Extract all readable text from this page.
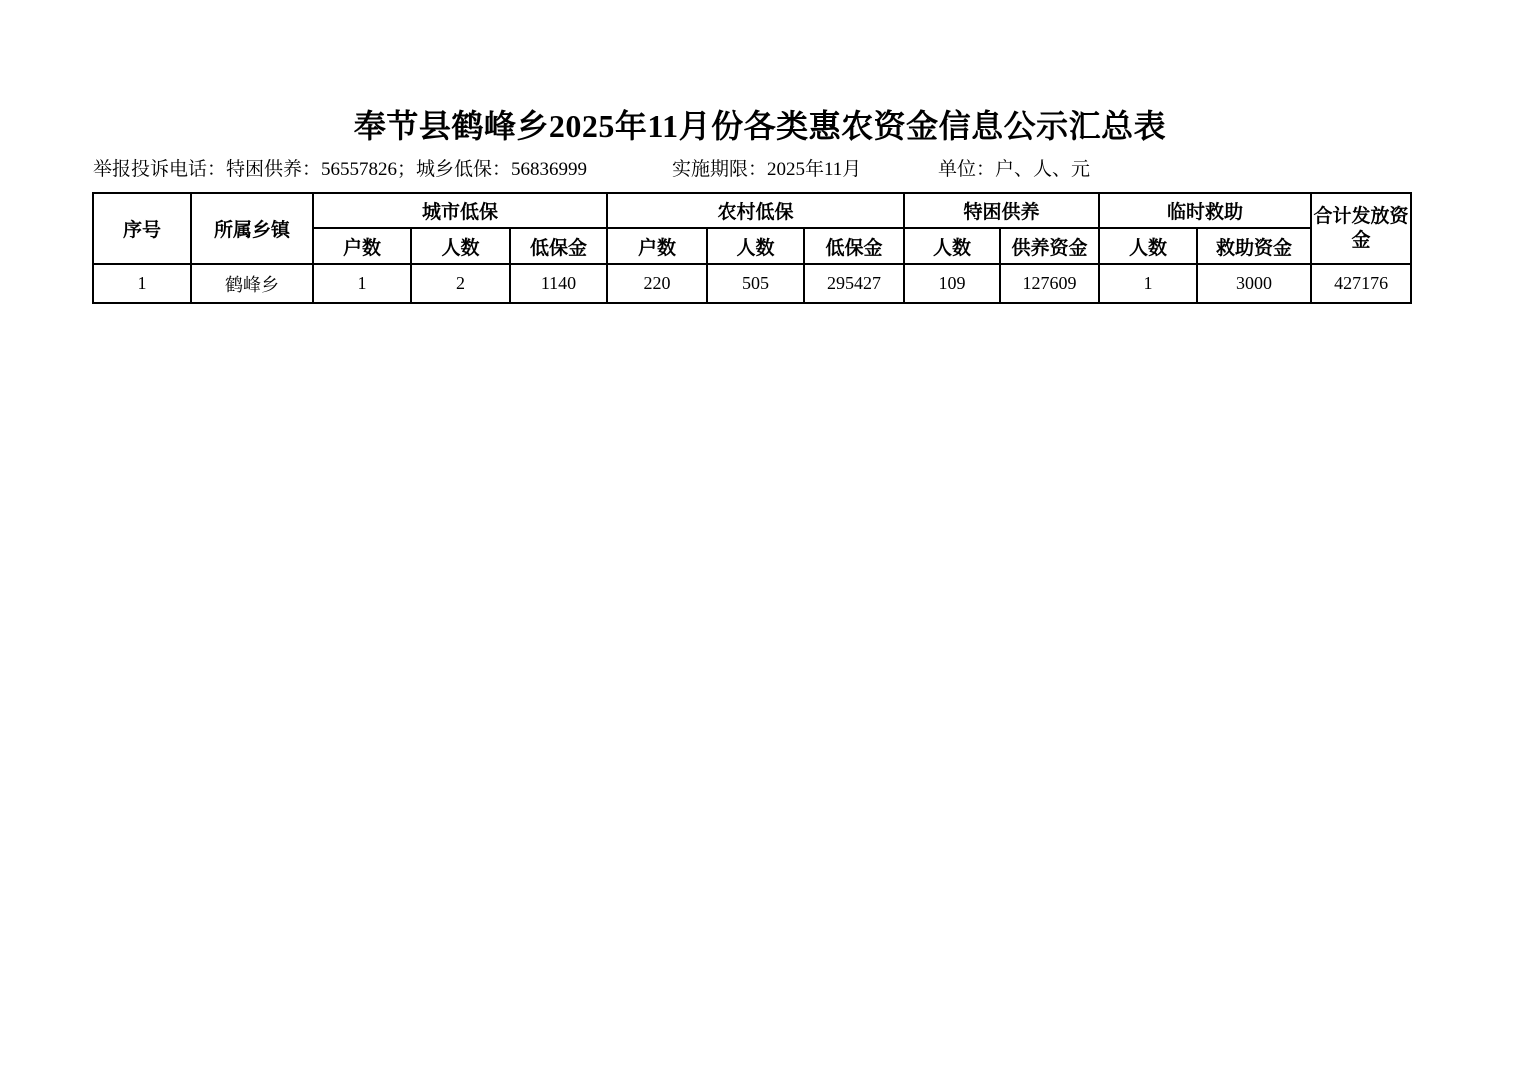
奉节县鹤峰乡2025年11月份各类惠农资金信息公示汇总表
举报投诉电话：特困供养：56557826；城乡低保：56836999	实施期限：2025年11月	单位：户、人、元
序号	所属乡镇	城市低保			农村低保			特困供养		临时救助		合计发放资金
		户数	人数	低保金	户数	人数	低保金	人数	供养资金	人数	救助资金	
1	鹤峰乡	1	2	1140	220	505	295427	109	127609	1	3000	427176
